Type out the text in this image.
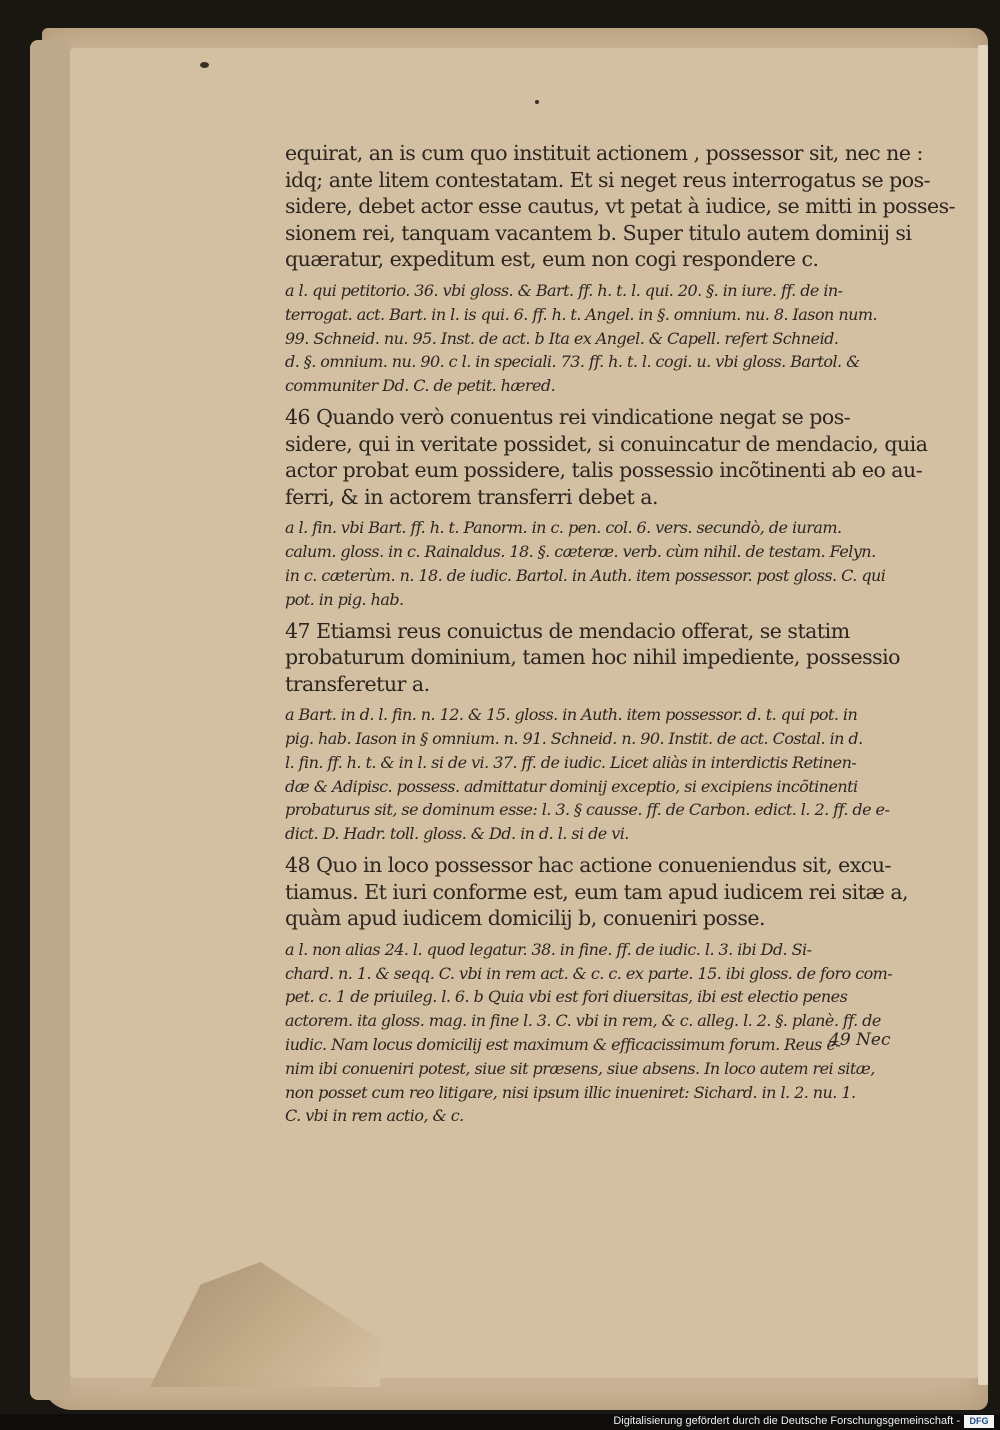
equirat, an is cum quo instituit actionem , possessor sit, nec ne :
idq; ante litem contestatam. Et si neget reus interrogatus se pos-
sidere, debet actor esse cautus, vt petat à iudice, se mitti in posses-
sionem rei, tanquam vacantem b. Super titulo autem dominij si
quæratur, expeditum est, eum non cogi respondere c.
a l. qui petitorio. 36. vbi gloss. & Bart. ff. h. t. l. qui. 20. §. in iure. ff. de in-
terrogat. act. Bart. in l. is qui. 6. ff. h. t. Angel. in §. omnium. nu. 8. Iason num.
99. Schneid. nu. 95. Inst. de act. b Ita ex Angel. & Capell. refert Schneid.
d. §. omnium. nu. 90. c l. in speciali. 73. ff. h. t. l. cogi. u. vbi gloss. Bartol. &
communiter Dd. C. de petit. hæred.
46 Quando verò conuentus rei vindicatione negat se pos-
sidere, qui in veritate possidet, si conuincatur de mendacio, quia
actor probat eum possidere, talis possessio incõtinenti ab eo au-
ferri, & in actorem transferri debet a.
a l. fin. vbi Bart. ff. h. t. Panorm. in c. pen. col. 6. vers. secundò, de iuram.
calum. gloss. in c. Rainaldus. 18. §. cæteræ. verb. cùm nihil. de testam. Felyn.
in c. cæterùm. n. 18. de iudic. Bartol. in Auth. item possessor. post gloss. C. qui
pot. in pig. hab.
47 Etiamsi reus conuictus de mendacio offerat, se statim
probaturum dominium, tamen hoc nihil impediente, possessio
transferetur a.
a Bart. in d. l. fin. n. 12. & 15. gloss. in Auth. item possessor. d. t. qui pot. in
pig. hab. Iason in § omnium. n. 91. Schneid. n. 90. Instit. de act. Costal. in d.
l. fin. ff. h. t. & in l. si de vi. 37. ff. de iudic. Licet aliàs in interdictis Retinen-
dæ & Adipisc. possess. admittatur dominij exceptio, si excipiens incõtinenti
probaturus sit, se dominum esse: l. 3. § causse. ff. de Carbon. edict. l. 2. ff. de e-
dict. D. Hadr. toll. gloss. & Dd. in d. l. si de vi.
48 Quo in loco possessor hac actione conueniendus sit, excu-
tiamus. Et iuri conforme est, eum tam apud iudicem rei sitæ a,
quàm apud iudicem domicilij b, conueniri posse.
a l. non alias 24. l. quod legatur. 38. in fine. ff. de iudic. l. 3. ibi Dd. Si-
chard. n. 1. & seqq. C. vbi in rem act. & c. c. ex parte. 15. ibi gloss. de foro com-
pet. c. 1 de priuileg. l. 6. b Quia vbi est fori diuersitas, ibi est electio penes
actorem. ita gloss. mag. in fine l. 3. C. vbi in rem, & c. alleg. l. 2. §. planè. ff. de
iudic. Nam locus domicilij est maximum & efficacissimum forum. Reus e-
nim ibi conueniri potest, siue sit præsens, siue absens. In loco autem rei sitæ,
non posset cum reo litigare, nisi ipsum illic inueniret: Sichard. in l. 2. nu. 1.
C. vbi in rem actio, & c.
49 Nec
Digitalisierung gefördert durch die Deutsche Forschungsgemeinschaft -	DFG
